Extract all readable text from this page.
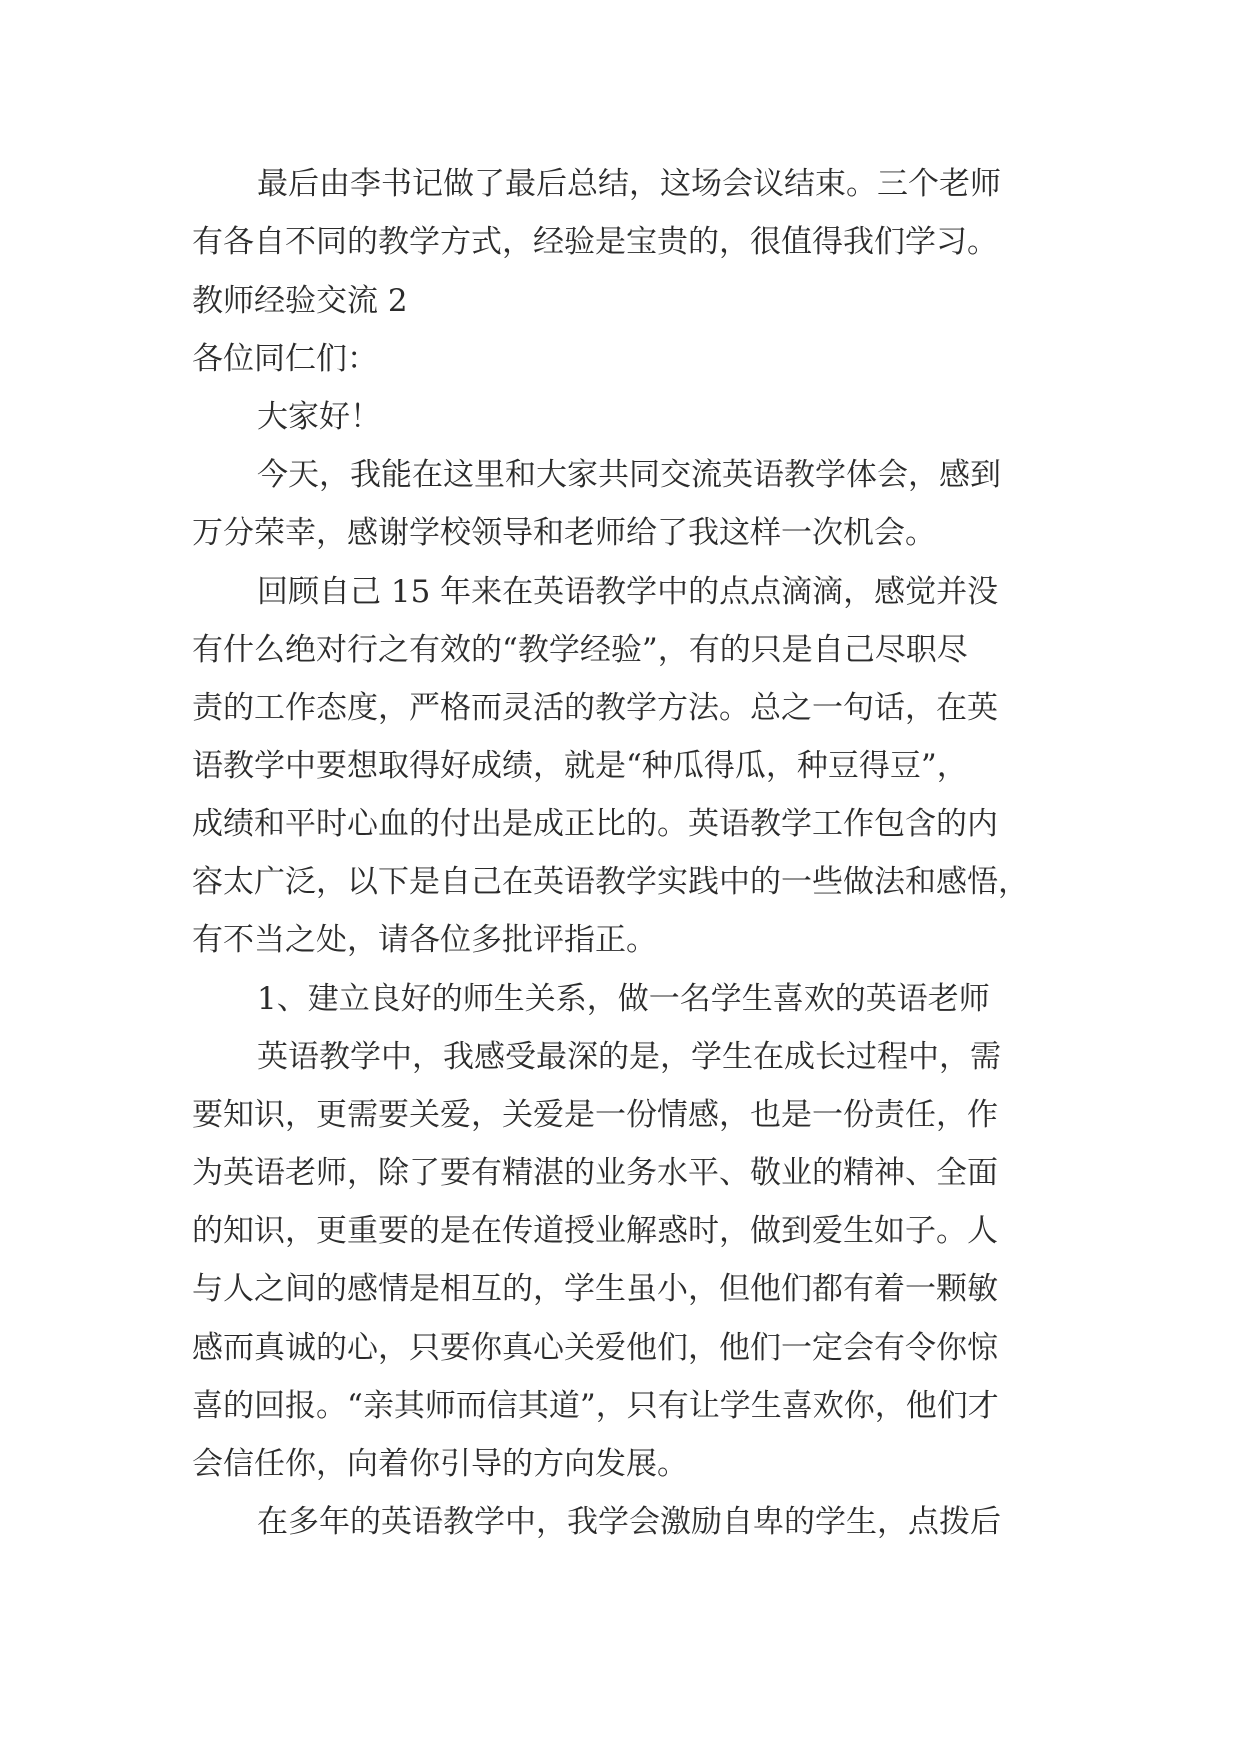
最后由李书记做了最后总结，这场会议结束。三个老师
有各自不同的教学方式，经验是宝贵的，很值得我们学习。
教师经验交流 2
各位同仁们：
大家好！
今天，我能在这里和大家共同交流英语教学体会，感到
万分荣幸，感谢学校领导和老师给了我这样一次机会。
回顾自己 15 年来在英语教学中的点点滴滴，感觉并没
有什么绝对行之有效的“教学经验”，有的只是自己尽职尽
责的工作态度，严格而灵活的教学方法。总之一句话，在英
语教学中要想取得好成绩，就是“种瓜得瓜，种豆得豆”，
成绩和平时心血的付出是成正比的。英语教学工作包含的内
容太广泛，以下是自己在英语教学实践中的一些做法和感悟，
有不当之处，请各位多批评指正。
1、建立良好的师生关系，做一名学生喜欢的英语老师
英语教学中，我感受最深的是，学生在成长过程中，需
要知识，更需要关爱，关爱是一份情感，也是一份责任，作
为英语老师，除了要有精湛的业务水平、敬业的精神、全面
的知识，更重要的是在传道授业解惑时，做到爱生如子。人
与人之间的感情是相互的，学生虽小，但他们都有着一颗敏
感而真诚的心，只要你真心关爱他们，他们一定会有令你惊
喜的回报。“亲其师而信其道”，只有让学生喜欢你，他们才
会信任你，向着你引导的方向发展。
在多年的英语教学中，我学会激励自卑的学生，点拨后
